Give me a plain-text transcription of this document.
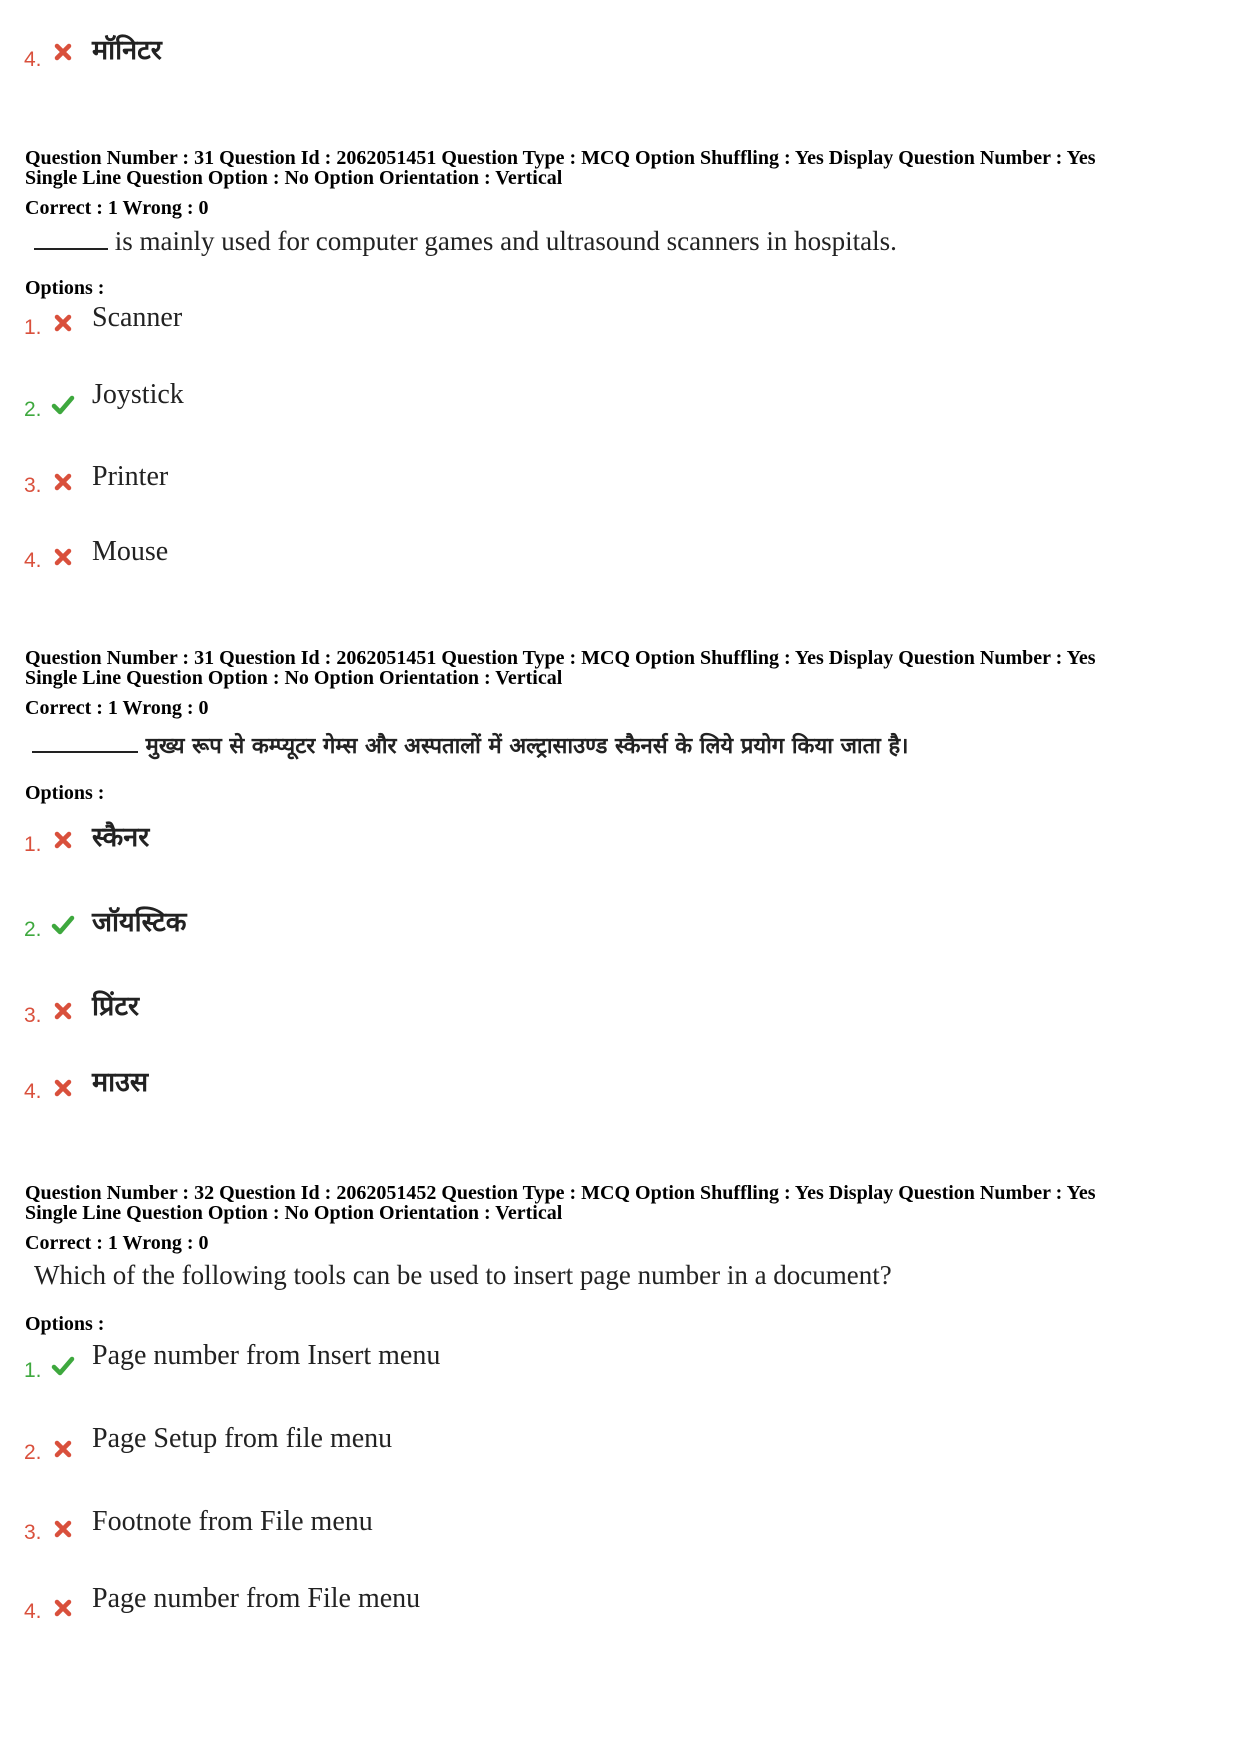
4. मॉनिटर
Question Number : 31 Question Id : 2062051451 Question Type : MCQ Option Shuffling : Yes Display Question Number : Yes
Single Line Question Option : No Option Orientation : Vertical
Correct : 1 Wrong : 0
is mainly used for computer games and ultrasound scanners in hospitals.
Options :
1. Scanner
2. Joystick
3. Printer
4. Mouse
Question Number : 31 Question Id : 2062051451 Question Type : MCQ Option Shuffling : Yes Display Question Number : Yes
Single Line Question Option : No Option Orientation : Vertical
Correct : 1 Wrong : 0
मुख्य रूप से कम्प्यूटर गेम्स और अस्पतालों में अल्ट्रासाउण्ड स्कैनर्स के लिये प्रयोग किया जाता है।
Options :
1. स्कैनर
2. जॉयस्टिक
3. प्रिंटर
4. माउस
Question Number : 32 Question Id : 2062051452 Question Type : MCQ Option Shuffling : Yes Display Question Number : Yes
Single Line Question Option : No Option Orientation : Vertical
Correct : 1 Wrong : 0
Which of the following tools can be used to insert page number in a document?
Options :
1. Page number from Insert menu
2. Page Setup from file menu
3. Footnote from File menu
4. Page number from File menu
